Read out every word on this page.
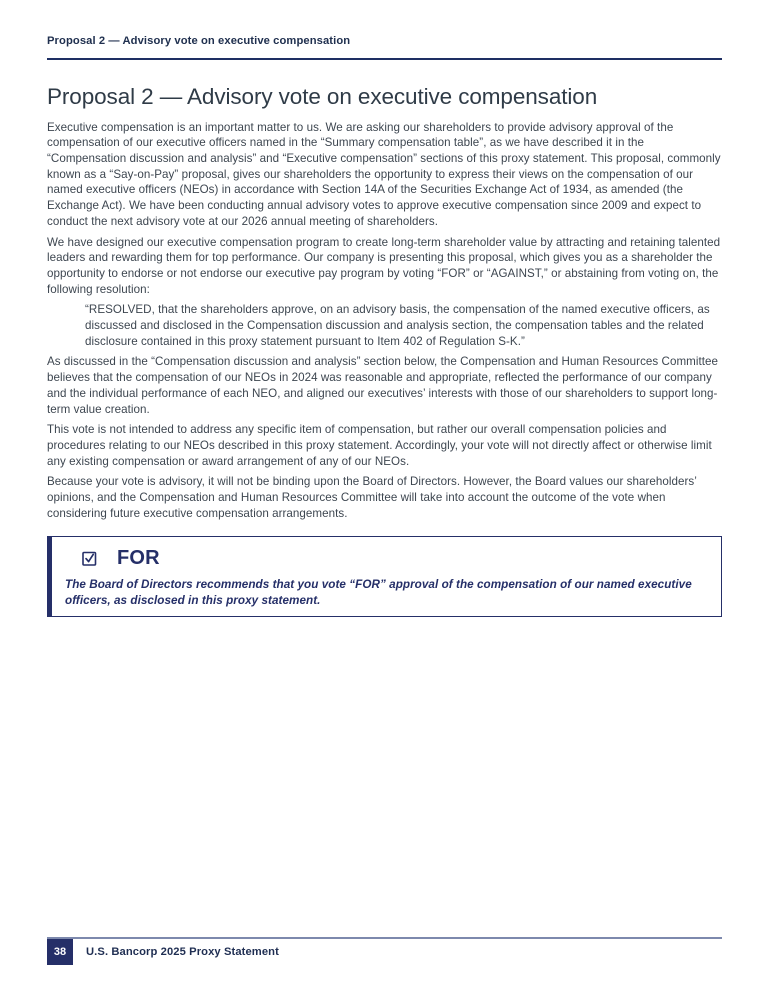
Proposal 2 — Advisory vote on executive compensation
Proposal 2 — Advisory vote on executive compensation

Executive compensation is an important matter to us. We are asking our shareholders to provide advisory approval of the compensation of our executive officers named in the “Summary compensation table”, as we have described it in the “Compensation discussion and analysis” and “Executive compensation” sections of this proxy statement. This proposal, commonly known as a “Say-on-Pay” proposal, gives our shareholders the opportunity to express their views on the compensation of our named executive officers (NEOs) in accordance with Section 14A of the Securities Exchange Act of 1934, as amended (the Exchange Act). We have been conducting annual advisory votes to approve executive compensation since 2009 and expect to conduct the next advisory vote at our 2026 annual meeting of shareholders.

We have designed our executive compensation program to create long-term shareholder value by attracting and retaining talented leaders and rewarding them for top performance. Our company is presenting this proposal, which gives you as a shareholder the opportunity to endorse or not endorse our executive pay program by voting “FOR” or “AGAINST,” or abstaining from voting on, the following resolution:

“RESOLVED, that the shareholders approve, on an advisory basis, the compensation of the named executive officers, as discussed and disclosed in the Compensation discussion and analysis section, the compensation tables and the related disclosure contained in this proxy statement pursuant to Item 402 of Regulation S-K.”

As discussed in the “Compensation discussion and analysis” section below, the Compensation and Human Resources Committee believes that the compensation of our NEOs in 2024 was reasonable and appropriate, reflected the performance of our company and the individual performance of each NEO, and aligned our executives’ interests with those of our shareholders to support long-term value creation.

This vote is not intended to address any specific item of compensation, but rather our overall compensation policies and procedures relating to our NEOs described in this proxy statement. Accordingly, your vote will not directly affect or otherwise limit any existing compensation or award arrangement of any of our NEOs.

Because your vote is advisory, it will not be binding upon the Board of Directors. However, the Board values our shareholders’ opinions, and the Compensation and Human Resources Committee will take into account the outcome of the vote when considering future executive compensation arrangements.

FOR
The Board of Directors recommends that you vote “FOR” approval of the compensation of our named executive officers, as disclosed in this proxy statement.
38	U.S. Bancorp 2025 Proxy Statement
